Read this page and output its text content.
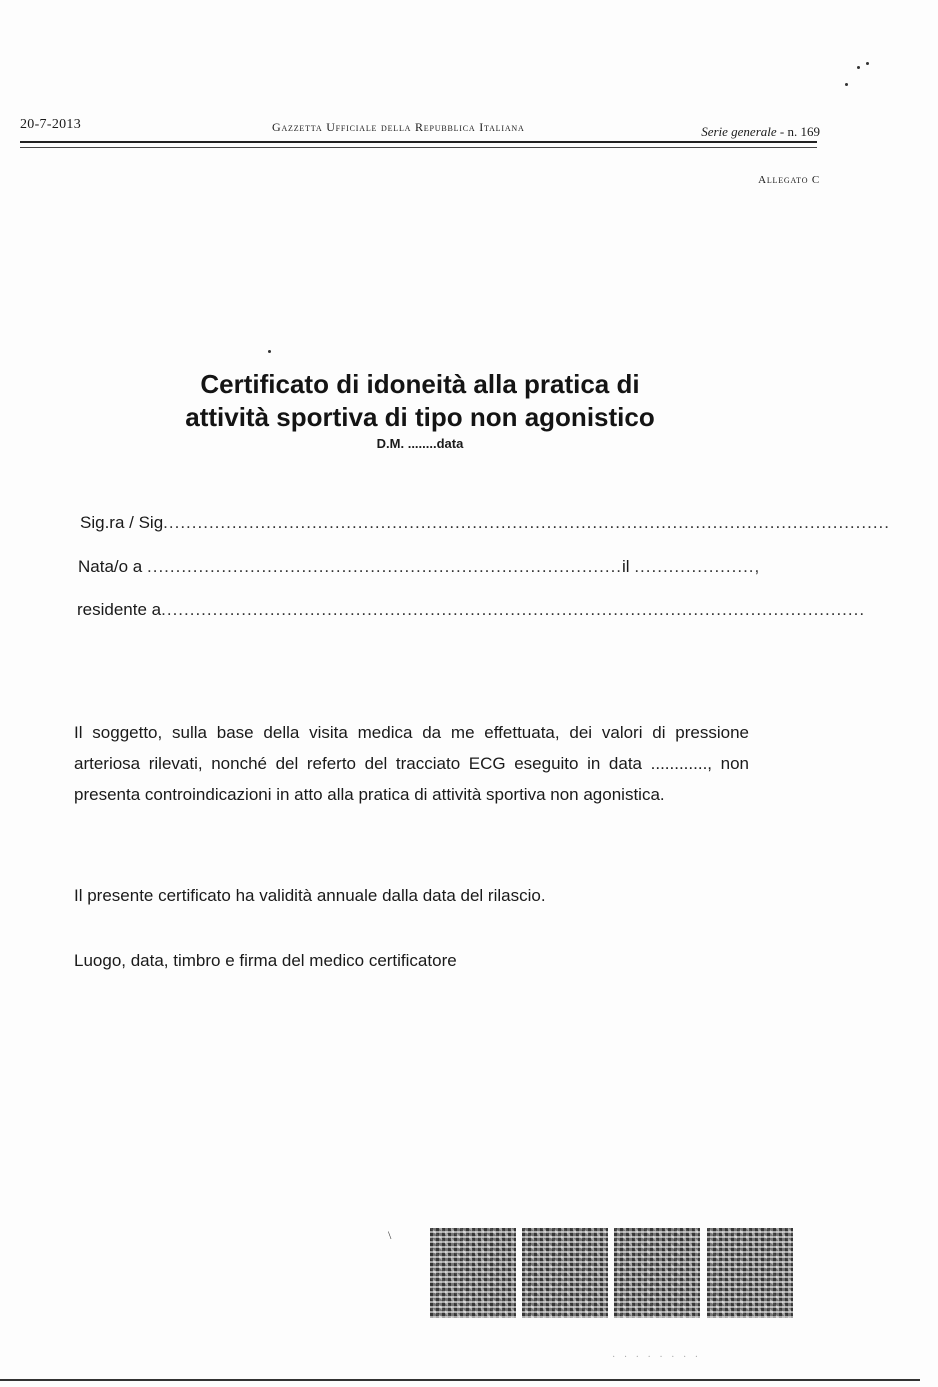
20-7-2013	Gazzetta Ufficiale della Repubblica Italiana	Serie generale - n. 169
Allegato C
Certificato di idoneità alla pratica di
attività sportiva di tipo non agonistico
D.M. ........data
Sig.ra / Sig...............................................................................................................................
Nata/o a ...................................................................................il .....................,
residente a...........................................................................................................................
Il soggetto, sulla base della visita medica da me effettuata, dei valori di pressione arteriosa rilevati, nonché del referto del tracciato ECG eseguito in data ............, non presenta controindicazioni in atto alla pratica di attività sportiva non agonistica.
Il presente certificato ha validità annuale dalla data del rilascio.
Luogo, data, timbro e firma del medico certificatore
\
· · · · · · · ·
